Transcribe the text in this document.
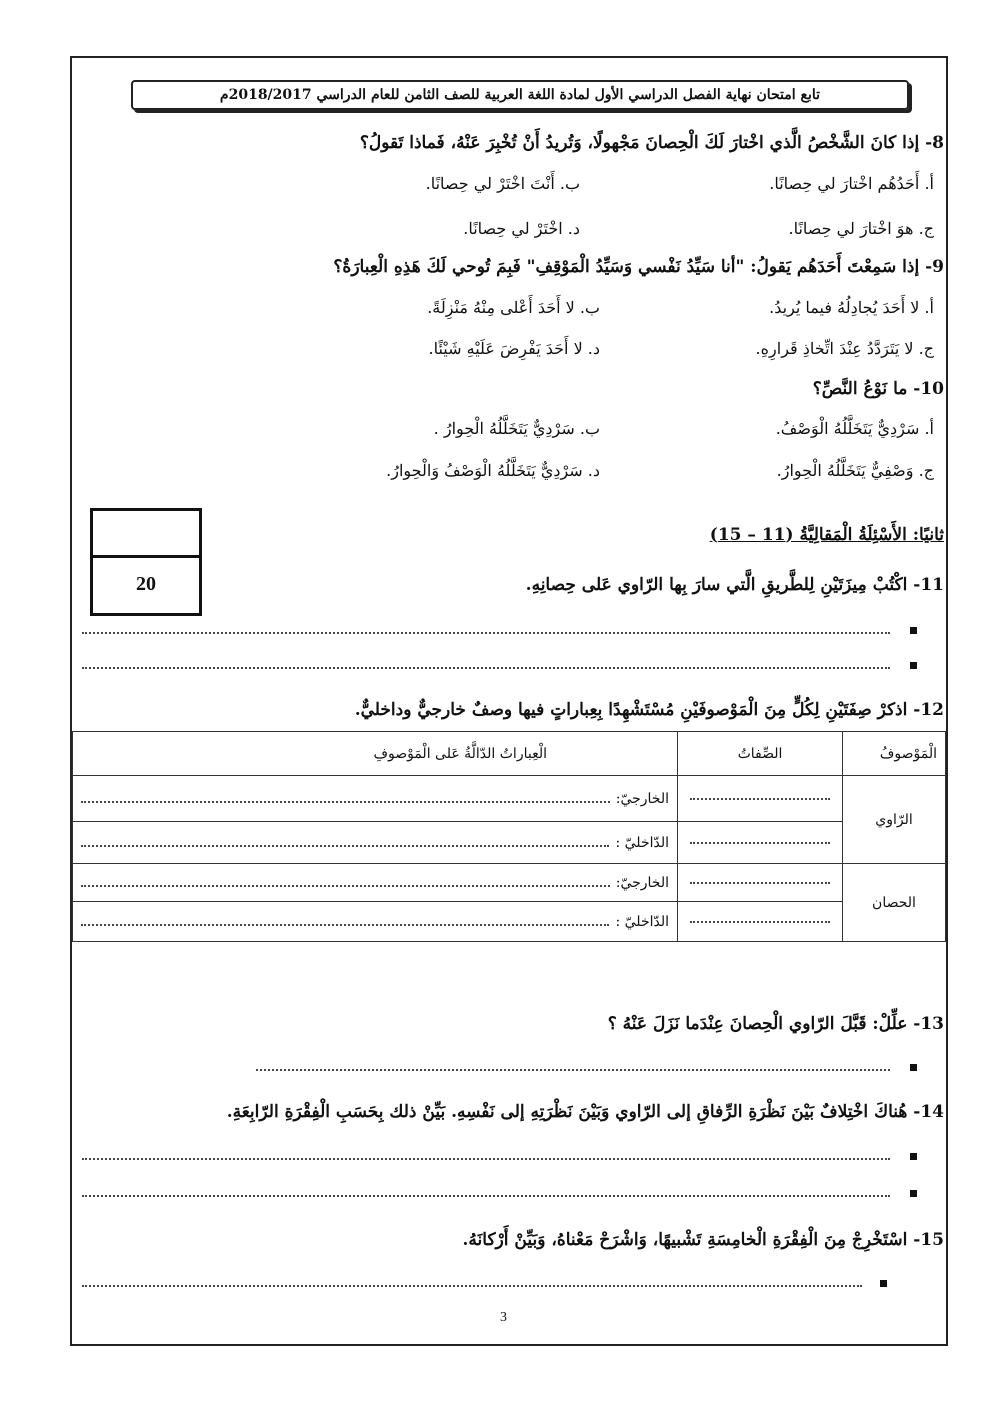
تابع امتحان نهاية الفصل الدراسي الأول لمادة اللغة العربية للصف الثامن للعام الدراسي 2018/2017م
8- إذا كانَ الشَّخْصُ الَّذي اخْتارَ لَكَ الْحِصانَ مَجْهولًا، وَتُريدُ أَنْ تُخْبِرَ عَنْهُ، فَماذا تَقولُ؟
أ. أَحَدُهُم اخْتارَ لي حِصانًا.
ب. أَنْتَ اخْتَرْ لي حِصانًا.
ج. هوَ اخْتارَ لي حِصانًا.
د. اخْتَرْ لي حِصانًا.
9- إذا سَمِعْتَ أَحَدَهُم يَقولُ: "أنا سَيِّدُ نَفْسي وَسَيِّدُ الْمَوْقِفِ" فَبِمَ تُوحي لَكَ هَذِهِ الْعِبارَةُ؟
أ. لا أَحَدَ يُجادِلُهُ فيما يُريدُ.
ب. لا أَحَدَ أَعْلى مِنْهُ مَنْزِلَةً.
ج. لا يَتَرَدَّدُ عِنْدَ اتِّخاذِ قَرارِهِ.
د. لا أَحَدَ يَفْرِضَ عَلَيْهِ شَيْئًا.
10- ما نَوْعُ النَّصِّ؟
أ. سَرْدِيٌّ يَتَخَلَّلُهُ الْوَصْفُ.
ب. سَرْدِيٌّ يَتَخَلَّلُهُ الْحِوارُ .
ج. وَصْفِيٌّ يَتَخَلَّلُهُ الْحِوارُ.
د. سَرْدِيٌّ يَتَخَلَّلُهُ الْوَصْفُ وَالْحِوارُ.
20
ثانيًا: الأَسْئِلَةُ الْمَقالِيَّةُ (11 – 15)
11- اكْتُبْ مِيزَتَيْنِ لِلطَّريقِ الَّتي سارَ بِها الرّاوي عَلى حِصانِهِ.
12- اذكرْ صِفَتَيْنِ لِكُلٍّ مِنَ الْمَوْصوفَيْنِ مُسْتَشْهِدًا بِعِباراتٍ فيها وصفٌ خارجيٌّ وداخليٌّ.
الْمَوْصوفُ	الصِّفاتُ	الْعِباراتُ الدّالَّةُ عَلى الْمَوْصوفِ
الرّاوي		الخارجيّ:

		الدّاخليّ :

الحصان		الخارجيّ:

		الدّاخليّ :
13- علِّلْ: قَبَّلَ الرّاوي الْحِصانَ عِنْدَما نَزَلَ عَنْهُ ؟
14- هُناكَ اخْتِلافٌ بَيْنَ نَظْرَةِ الرِّفاقِ إلى الرّاوي وَبَيْنَ نَظْرَتِهِ إلى نَفْسِهِ. بَيِّنْ ذلك بِحَسَبِ الْفِقْرَةِ الرّابِعَةِ.
15- اسْتَخْرِجْ مِنَ الْفِقْرَةِ الْخامِسَةِ تَشْبيهًا، وَاشْرَحْ مَعْناهُ، وَبَيِّنْ أَرْكانَهُ.
3
